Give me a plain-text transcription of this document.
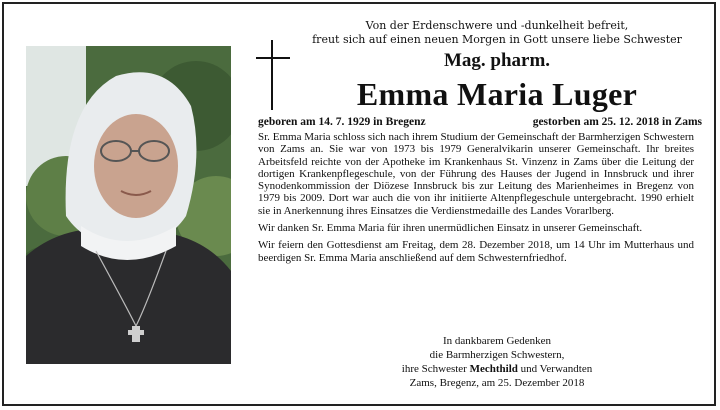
Von der Erdenschwere und -dunkelheit befreit,
freut sich auf einen neuen Morgen in Gott unsere liebe Schwester
Mag. pharm.
Emma Maria Luger
geboren am 14. 7. 1929 in Bregenz	gestorben am 25. 12. 2018 in Zams

Sr. Emma Maria schloss sich nach ihrem Studium der Gemeinschaft der Barmherzigen Schwestern von Zams an. Sie war von 1973 bis 1979 Generalvikarin unserer Gemeinschaft. Ihr breites Arbeitsfeld reichte von der Apotheke im Krankenhaus St. Vinzenz in Zams über die Leitung der dortigen Krankenpflegeschule, von der Führung des Hauses der Jugend in Innsbruck und ihrer Synodenkommission der Diözese Innsbruck bis zur Leitung des Marienheimes in Bregenz von 1979 bis 2009. Dort war auch die von ihr initiierte Altenpflegeschule untergebracht. 1990 erhielt sie in Anerkennung ihres Einsatzes die Verdienstmedaille des Landes Vorarlberg.

Wir danken Sr. Emma Maria für ihren unermüdlichen Einsatz in unserer Gemeinschaft.

Wir feiern den Gottesdienst am Freitag, dem 28. Dezember 2018, um 14 Uhr im Mutterhaus und beerdigen Sr. Emma Maria anschließend auf dem Schwesternfriedhof.

In dankbarem Gedenken
die Barmherzigen Schwestern,
ihre Schwester Mechthild und Verwandten
Zams, Bregenz, am 25. Dezember 2018
